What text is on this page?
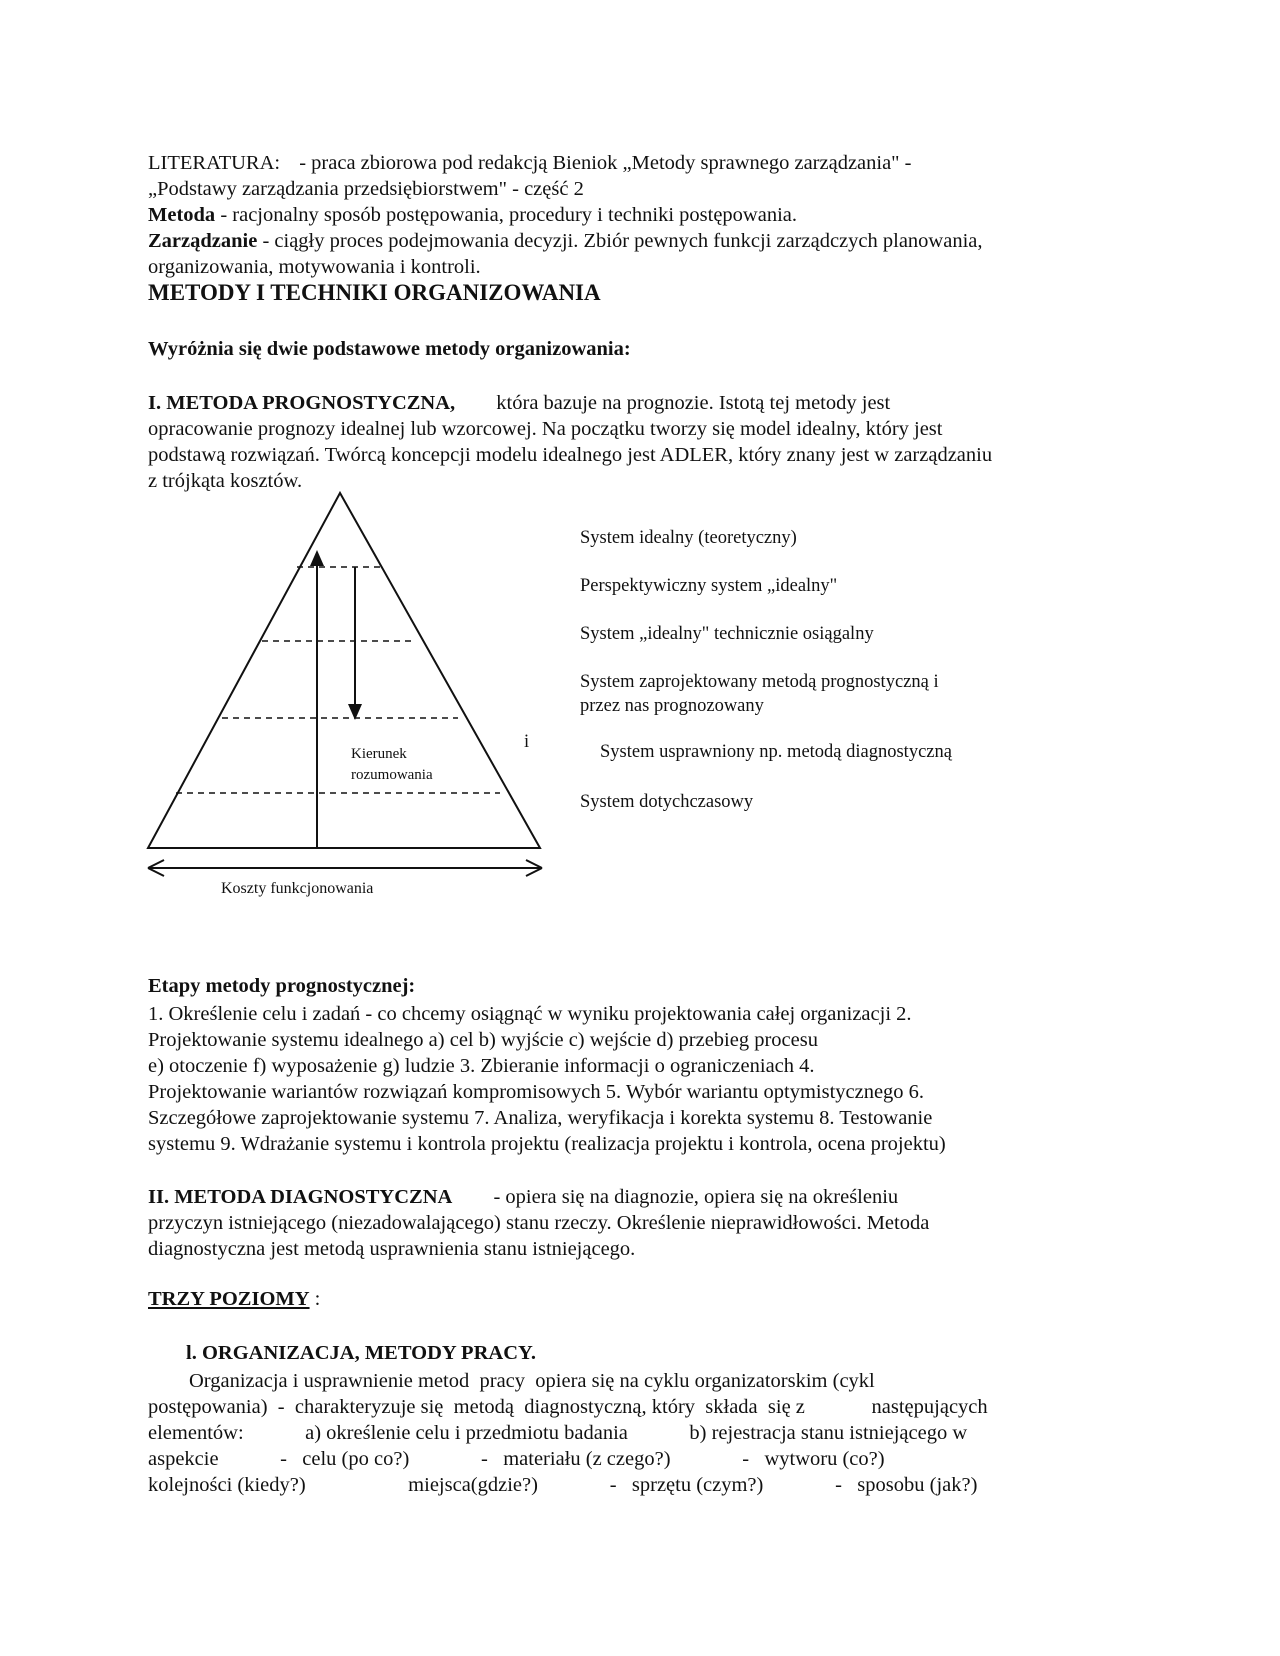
LITERATURA: - praca zbiorowa pod redakcją Bieniok „Metody sprawnego zarządzania" -
„Podstawy zarządzania przedsiębiorstwem" - część 2
Metoda - racjonalny sposób postępowania, procedury i techniki postępowania.
Zarządzanie - ciągły proces podejmowania decyzji. Zbiór pewnych funkcji zarządczych planowania,
organizowania, motywowania i kontroli.
METODY I TECHNIKI ORGANIZOWANIA
Wyróżnia się dwie podstawowe metody organizowania:
I. METODA PROGNOSTYCZNA, która bazuje na prognozie. Istotą tej metody jest
opracowanie prognozy idealnej lub wzorcowej. Na początku tworzy się model idealny, który jest
podstawą rozwiązań. Twórcą koncepcji modelu idealnego jest ADLER, który znany jest w zarządzaniu
z trójkąta kosztów.
Kierunek
rozumowania
Koszty funkcjonowania
System idealny (teoretyczny)
Perspektywiczny system „idealny"
System „idealny" technicznie osiągalny
System zaprojektowany metodą prognostyczną i
przez nas prognozowany
i	System usprawniony np. metodą diagnostyczną
System dotychczasowy
Etapy metody prognostycznej:
1. Określenie celu i zadań - co chcemy osiągnąć w wyniku projektowania całej organizacji 2.
Projektowanie systemu idealnego a) cel b) wyjście c) wejście d) przebieg procesu
e) otoczenie f) wyposażenie g) ludzie 3. Zbieranie informacji o ograniczeniach 4.
Projektowanie wariantów rozwiązań kompromisowych 5. Wybór wariantu optymistycznego 6.
Szczegółowe zaprojektowanie systemu 7. Analiza, weryfikacja i korekta systemu 8. Testowanie
systemu 9. Wdrażanie systemu i kontrola projektu (realizacja projektu i kontrola, ocena projektu)
II. METODA DIAGNOSTYCZNA - opiera się na diagnozie, opiera się na określeniu
przyczyn istniejącego (niezadowalającego) stanu rzeczy. Określenie nieprawidłowości. Metoda
diagnostyczna jest metodą usprawnienia stanu istniejącego.
TRZY POZIOMY :
l. ORGANIZACJA, METODY PRACY.
Organizacja i usprawnienie metod  pracy  opiera się na cyklu organizatorskim (cykl
postępowania)  -  charakteryzuje się  metodą  diagnostyczną, który  składa  się z             następujących
elementów:            a) określenie celu i przedmiotu badania            b) rejestracja stanu istniejącego w
aspekcie            -   celu (po co?)              -   materiału (z czego?)              -   wytworu (co?)
kolejności (kiedy?)                    miejsca(gdzie?)              -   sprzętu (czym?)              -   sposobu (jak?)
